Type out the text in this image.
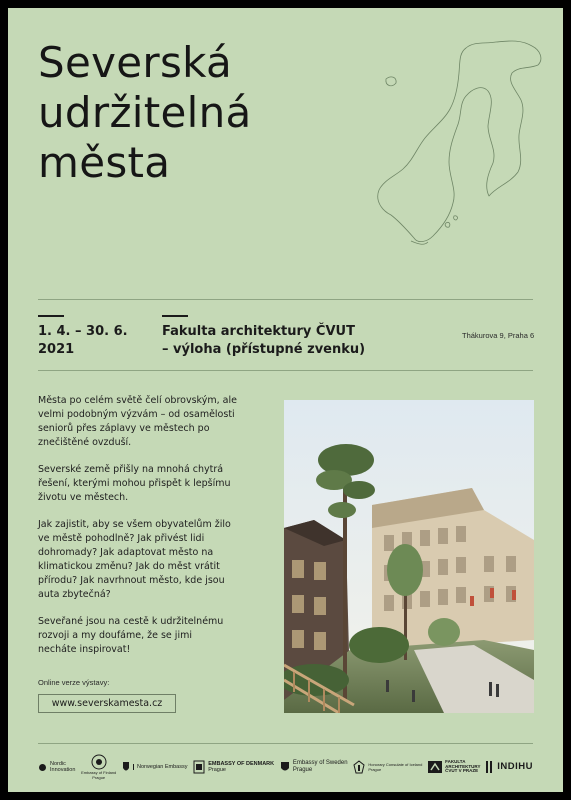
Severská
udržitelná
města
1. 4. – 30. 6.
2021
Fakulta architektury ČVUT
– výloha (přístupné zvenku)
Thákurova 9, Praha 6

Města po celém světě čelí obrovským, ale
velmi podobným výzvám – od osamělosti
seniorů přes záplavy ve městech po
znečištěné ovzduší.

Severské země přišly na mnohá chytrá
řešení, kterými mohou přispět k lepšímu
životu ve městech.

Jak zajistit, aby se všem obyvatelům žilo
ve městě pohodlně? Jak přivést lidi
dohromady? Jak adaptovat město na
klimatickou změnu? Jak do měst vrátit
přírodu? Jak navrhnout město, kde jsou
auta zbytečná?

Seveřané jsou na cestě k udržitelnému
rozvoji a my doufáme, že se jimi
necháte inspirovat!

Online verze výstavy:
www.severskamesta.cz
Nordic
Innovation Embassy of Finland
Prague
Norwegian Embassy	EMBASSY OF DENMARK
Prague
Embassy of Sweden
Prague
Honorary Consulate of Iceland
Prague
FAKULTA
ARCHITEKTURY
ČVUT V PRAZE INDIHU
